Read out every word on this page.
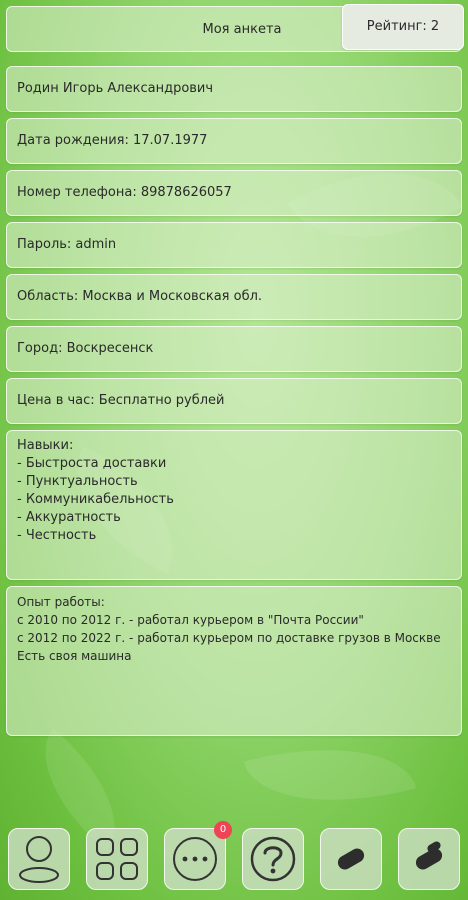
Моя анкета	Рейтинг: 2
Родин Игорь Александрович
Дата рождения: 17.07.1977
Номер телефона: 89878626057
Пароль: admin
Область: Москва и Московская обл.
Город: Воскресенск
Цена в час: Бесплатно рублей
Навыки:
- Быстроста доставки
- Пунктуальность
- Коммуникабельность
- Аккуратность
- Честность
Опыт работы:
с 2010 по 2012 г. - работал курьером в "Почта России"
с 2012 по 2022 г. - работал курьером по доставке грузов в Москве
Есть своя машина
0
